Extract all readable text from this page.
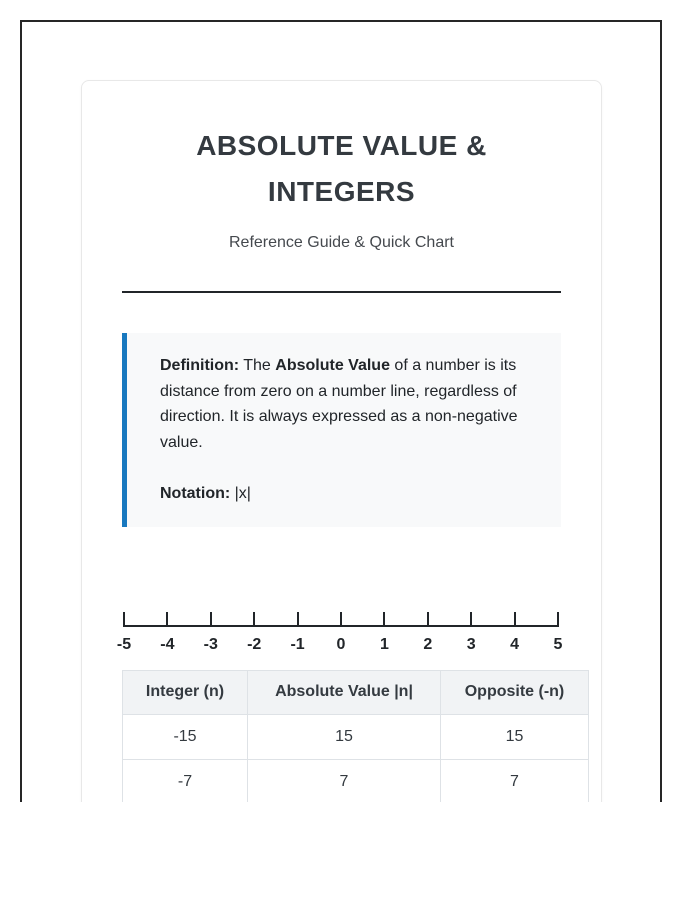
ABSOLUTE VALUE &
INTEGERS
Reference Guide & Quick Chart

Definition: The Absolute Value of a number is its distance from zero on a number line, regardless of direction. It is always expressed as a non-negative value.

Notation: |x|

-5 -4 -3 -2 -1 0 1 2 3 4 5
Integer (n)	Absolute Value |n|	Opposite (-n)
-15	15	15
-7	7	7
